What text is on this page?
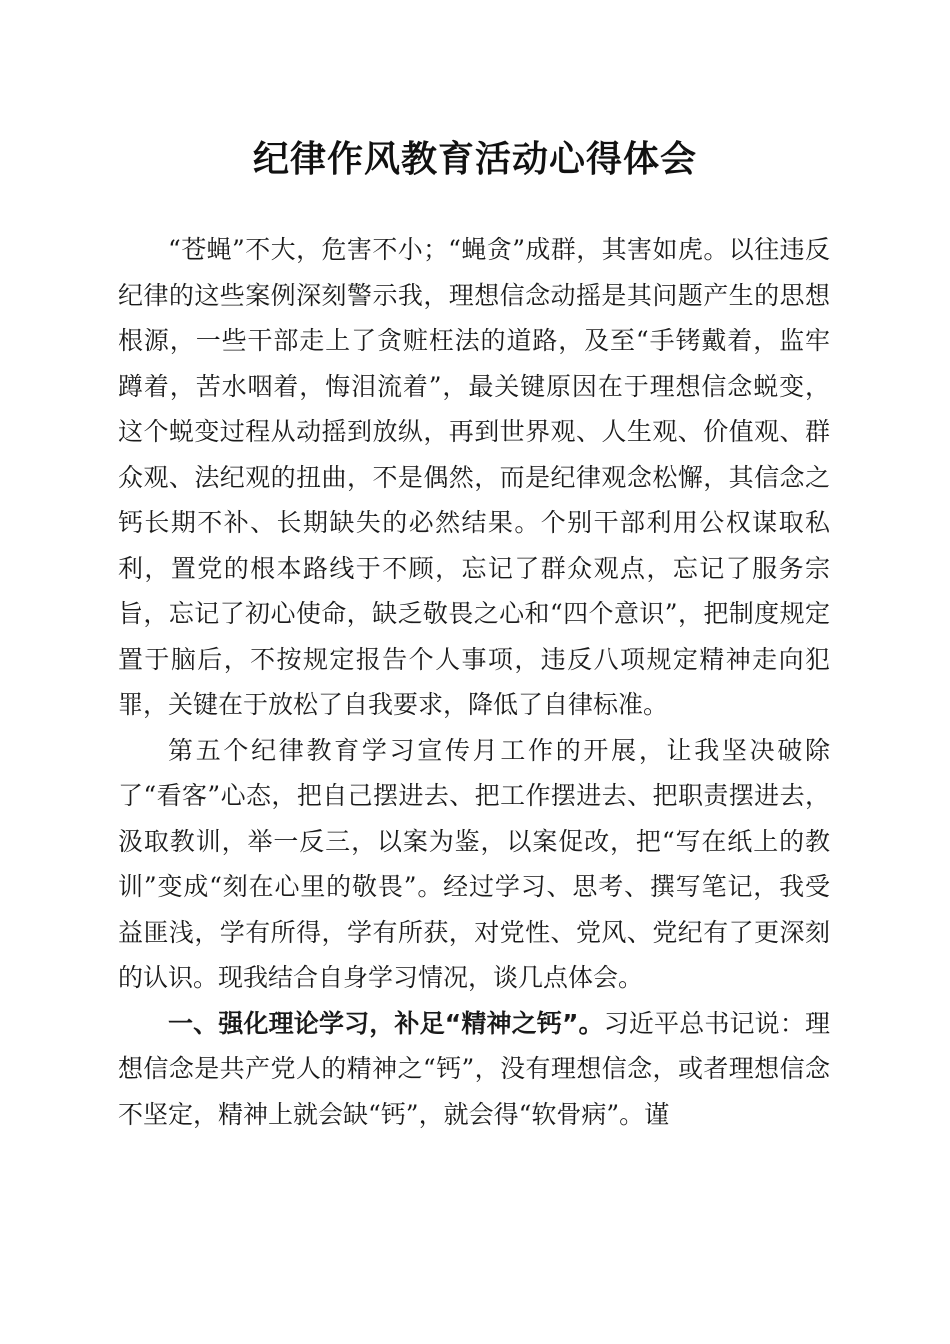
纪律作风教育活动心得体会

“苍蝇”不大，危害不小；“蝇贪”成群，其害如虎。以往违反纪律的这些案例深刻警示我，理想信念动摇是其问题产生的思想根源，一些干部走上了贪赃枉法的道路，及至“手铐戴着，监牢蹲着，苦水咽着，悔泪流着”，最关键原因在于理想信念蜕变，这个蜕变过程从动摇到放纵，再到世界观、人生观、价值观、群众观、法纪观的扭曲，不是偶然，而是纪律观念松懈，其信念之钙长期不补、长期缺失的必然结果。个别干部利用公权谋取私利，置党的根本路线于不顾，忘记了群众观点，忘记了服务宗旨，忘记了初心使命，缺乏敬畏之心和“四个意识”，把制度规定置于脑后，不按规定报告个人事项，违反八项规定精神走向犯罪，关键在于放松了自我要求，降低了自律标准。

第五个纪律教育学习宣传月工作的开展，让我坚决破除了“看客”心态，把自己摆进去、把工作摆进去、把职责摆进去，汲取教训，举一反三，以案为鉴，以案促改，把“写在纸上的教训”变成“刻在心里的敬畏”。经过学习、思考、撰写笔记，我受益匪浅，学有所得，学有所获，对党性、党风、党纪有了更深刻的认识。现我结合自身学习情况，谈几点体会。

一、强化理论学习，补足“精神之钙”。习近平总书记说：理想信念是共产党人的精神之“钙”，没有理想信念，或者理想信念不坚定，精神上就会缺“钙”，就会得“软骨病”。谨
